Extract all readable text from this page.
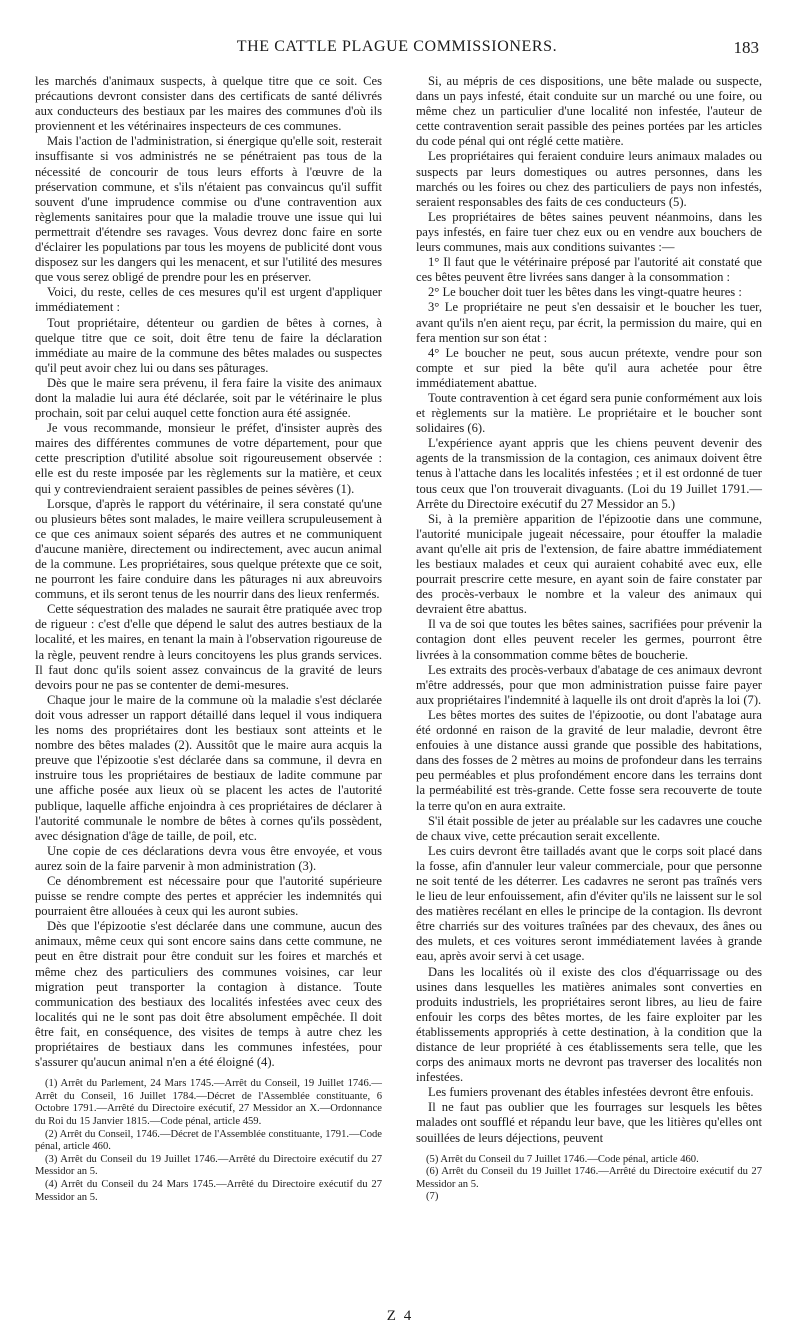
THE CATTLE PLAGUE COMMISSIONERS.	183

les marchés d'animaux suspects, à quelque titre que ce soit. Ces précautions devront consister dans des certificats de santé délivrés aux conducteurs des bestiaux par les maires des communes d'où ils proviennent et les vétérinaires inspecteurs de ces communes.

Mais l'action de l'administration, si énergique qu'elle soit, resterait insuffisante si vos administrés ne se pénétraient pas tous de la nécessité de concourir de tous leurs efforts à l'œuvre de la préservation commune, et s'ils n'étaient pas convaincus qu'il suffit souvent d'une imprudence commise ou d'une contravention aux règlements sanitaires pour que la maladie trouve une issue qui lui permettrait d'étendre ses ravages. Vous devrez donc faire en sorte d'éclairer les populations par tous les moyens de publicité dont vous disposez sur les dangers qui les menacent, et sur l'utilité des mesures que vous serez obligé de prendre pour les en préserver.

Voici, du reste, celles de ces mesures qu'il est urgent d'appliquer immédiatement :

Tout propriétaire, détenteur ou gardien de bêtes à cornes, à quelque titre que ce soit, doit être tenu de faire la déclaration immédiate au maire de la commune des bêtes malades ou suspectes qu'il peut avoir chez lui ou dans ses pâturages.

Dès que le maire sera prévenu, il fera faire la visite des animaux dont la maladie lui aura été déclarée, soit par le vétérinaire le plus prochain, soit par celui auquel cette fonction aura été assignée.

Je vous recommande, monsieur le préfet, d'insister auprès des maires des différentes communes de votre département, pour que cette prescription d'utilité absolue soit rigoureusement observée : elle est du reste imposée par les règlements sur la matière, et ceux qui y contreviendraient seraient passibles de peines sévères (1).

Lorsque, d'après le rapport du vétérinaire, il sera constaté qu'une ou plusieurs bêtes sont malades, le maire veillera scrupuleusement à ce que ces animaux soient séparés des autres et ne communiquent d'aucune manière, directement ou indirectement, avec aucun animal de la commune. Les propriétaires, sous quelque prétexte que ce soit, ne pourront les faire conduire dans les pâturages ni aux abreuvoirs communs, et ils seront tenus de les nourrir dans des lieux renfermés.

Cette séquestration des malades ne saurait être pratiquée avec trop de rigueur : c'est d'elle que dépend le salut des autres bestiaux de la localité, et les maires, en tenant la main à l'observation rigoureuse de la règle, peuvent rendre à leurs concitoyens les plus grands services. Il faut donc qu'ils soient assez convaincus de la gravité de leurs devoirs pour ne pas se contenter de demi-mesures.

Chaque jour le maire de la commune où la maladie s'est déclarée doit vous adresser un rapport détaillé dans lequel il vous indiquera les noms des propriétaires dont les bestiaux sont atteints et le nombre des bêtes malades (2). Aussitôt que le maire aura acquis la preuve que l'épizootie s'est déclarée dans sa commune, il devra en instruire tous les propriétaires de bestiaux de ladite commune par une affiche posée aux lieux où se placent les actes de l'autorité publique, laquelle affiche enjoindra à ces propriétaires de déclarer à l'autorité communale le nombre de bêtes à cornes qu'ils possèdent, avec désignation d'âge de taille, de poil, etc.

Une copie de ces déclarations devra vous être envoyée, et vous aurez soin de la faire parvenir à mon administration (3).

Ce dénombrement est nécessaire pour que l'autorité supérieure puisse se rendre compte des pertes et apprécier les indemnités qui pourraient être allouées à ceux qui les auront subies.

Dès que l'épizootie s'est déclarée dans une commune, aucun des animaux, même ceux qui sont encore sains dans cette commune, ne peut en être distrait pour être conduit sur les foires et marchés et même chez des particuliers des communes voisines, car leur migration peut transporter la contagion à distance. Toute communication des bestiaux des localités infestées avec ceux des localités qui ne le sont pas doit être absolument empêchée. Il doit être fait, en conséquence, des visites de temps à autre chez les propriétaires de bestiaux dans les communes infestées, pour s'assurer qu'aucun animal n'en a été éloigné (4).

(1) Arrêt du Parlement, 24 Mars 1745.—Arrêt du Conseil, 19 Juillet 1746.—Arrêt du Conseil, 16 Juillet 1784.—Décret de l'Assemblée constituante, 6 Octobre 1791.—Arrêté du Directoire exécutif, 27 Messidor an X.—Ordonnance du Roi du 15 Janvier 1815.—Code pénal, article 459.

(2) Arrêt du Conseil, 1746.—Décret de l'Assemblée constituante, 1791.—Code pénal, article 460.

(3) Arrêt du Conseil du 19 Juillet 1746.—Arrêté du Directoire exécutif du 27 Messidor an 5.

(4) Arrêt du Conseil du 24 Mars 1745.—Arrêté du Directoire exécutif du 27 Messidor an 5.

Si, au mépris de ces dispositions, une bête malade ou suspecte, dans un pays infesté, était conduite sur un marché ou une foire, ou même chez un particulier d'une localité non infestée, l'auteur de cette contravention serait passible des peines portées par les articles du code pénal qui ont réglé cette matière.

Les propriétaires qui feraient conduire leurs animaux malades ou suspects par leurs domestiques ou autres personnes, dans les marchés ou les foires ou chez des particuliers de pays non infestés, seraient responsables des faits de ces conducteurs (5).

Les propriétaires de bêtes saines peuvent néanmoins, dans les pays infestés, en faire tuer chez eux ou en vendre aux bouchers de leurs communes, mais aux conditions suivantes :—

1° Il faut que le vétérinaire préposé par l'autorité ait constaté que ces bêtes peuvent être livrées sans danger à la consommation :

2° Le boucher doit tuer les bêtes dans les vingt-quatre heures :

3° Le propriétaire ne peut s'en dessaisir et le boucher les tuer, avant qu'ils n'en aient reçu, par écrit, la permission du maire, qui en fera mention sur son état :

4° Le boucher ne peut, sous aucun prétexte, vendre pour son compte et sur pied la bête qu'il aura achetée pour être immédiatement abattue.

Toute contravention à cet égard sera punie conformément aux lois et règlements sur la matière. Le propriétaire et le boucher sont solidaires (6).

L'expérience ayant appris que les chiens peuvent devenir des agents de la transmission de la contagion, ces animaux doivent être tenus à l'attache dans les localités infestées ; et il est ordonné de tuer tous ceux que l'on trouverait divaguants. (Loi du 19 Juillet 1791.—Arrête du Directoire exécutif du 27 Messidor an 5.)

Si, à la première apparition de l'épizootie dans une commune, l'autorité municipale jugeait nécessaire, pour étouffer la maladie avant qu'elle ait pris de l'extension, de faire abattre immédiatement les bestiaux malades et ceux qui auraient cohabité avec eux, elle pourrait prescrire cette mesure, en ayant soin de faire constater par des procès-verbaux le nombre et la valeur des animaux qui devraient être abattus.

Il va de soi que toutes les bêtes saines, sacrifiées pour prévenir la contagion dont elles peuvent receler les germes, pourront être livrées à la consommation comme bêtes de boucherie.

Les extraits des procès-verbaux d'abatage de ces animaux devront m'être addressés, pour que mon administration puisse faire payer aux propriétaires l'indemnité à laquelle ils ont droit d'après la loi (7).

Les bêtes mortes des suites de l'épizootie, ou dont l'abatage aura été ordonné en raison de la gravité de leur maladie, devront être enfouies à une distance aussi grande que possible des habitations, dans des fosses de 2 mètres au moins de profondeur dans les terrains peu perméables et plus profondément encore dans les terrains dont la perméabilité est très-grande. Cette fosse sera recouverte de toute la terre qu'on en aura extraite.

S'il était possible de jeter au préalable sur les cadavres une couche de chaux vive, cette précaution serait excellente.

Les cuirs devront être tailladés avant que le corps soit placé dans la fosse, afin d'annuler leur valeur commerciale, pour que personne ne soit tenté de les déterrer. Les cadavres ne seront pas traînés vers le lieu de leur enfouissement, afin d'éviter qu'ils ne laissent sur le sol des matières recélant en elles le principe de la contagion. Ils devront être charriés sur des voitures traînées par des chevaux, des ânes ou des mulets, et ces voitures seront immédiatement lavées à grande eau, après avoir servi à cet usage.

Dans les localités où il existe des clos d'équarrissage ou des usines dans lesquelles les matières animales sont converties en produits industriels, les propriétaires seront libres, au lieu de faire enfouir les corps des bêtes mortes, de les faire exploiter par les établissements appropriés à cette destination, à la condition que la distance de leur propriété à ces établissements sera telle, que les corps des animaux morts ne devront pas traverser des localités non infestées.

Les fumiers provenant des étables infestées devront être enfouis.

Il ne faut pas oublier que les fourrages sur lesquels les bêtes malades ont soufflé et répandu leur bave, que les litières qu'elles ont souillées de leurs déjections, peuvent

(5) Arrêt du Conseil du 7 Juillet 1746.—Code pénal, article 460.

(6) Arrêt du Conseil du 19 Juillet 1746.—Arrêté du Directoire exécutif du 27 Messidor an 5.

(7)

Z 4
